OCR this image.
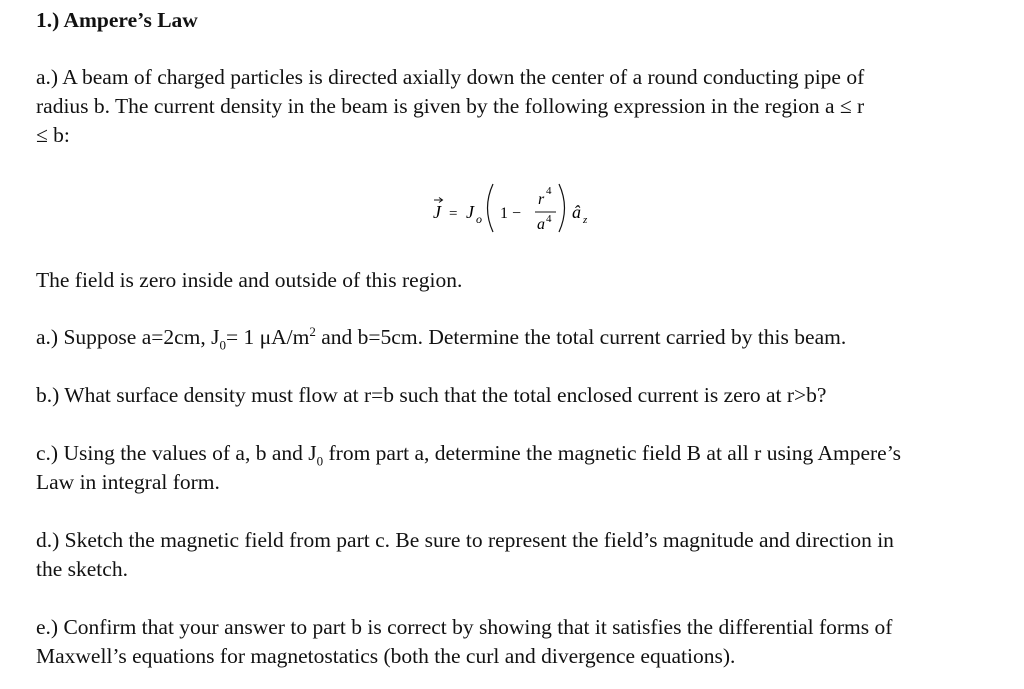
1.) Ampere’s Law
a.) A beam of charged particles is directed axially down the center of a round conducting pipe of
radius b. The current density in the beam is given by the following expression in the region a ≤ r
≤ b:
J = J o 1 −
r 4
a 4 â z
The field is zero inside and outside of this region.
a.) Suppose a=2cm, $J_0= 1$ $\mu A/m^2$ and b=5cm. Determine the total current carried by this beam.
b.) What surface density must flow at r=b such that the total enclosed current is zero at r>b?
c.) Using the values of a, b and $J_0$ from part a, determine the magnetic field B at all r using Ampere’s
Law in integral form.
d.) Sketch the magnetic field from part c. Be sure to represent the field’s magnitude and direction in
the sketch.
e.) Confirm that your answer to part b is correct by showing that it satisfies the differential forms of
Maxwell’s equations for magnetostatics (both the curl and divergence equations).
